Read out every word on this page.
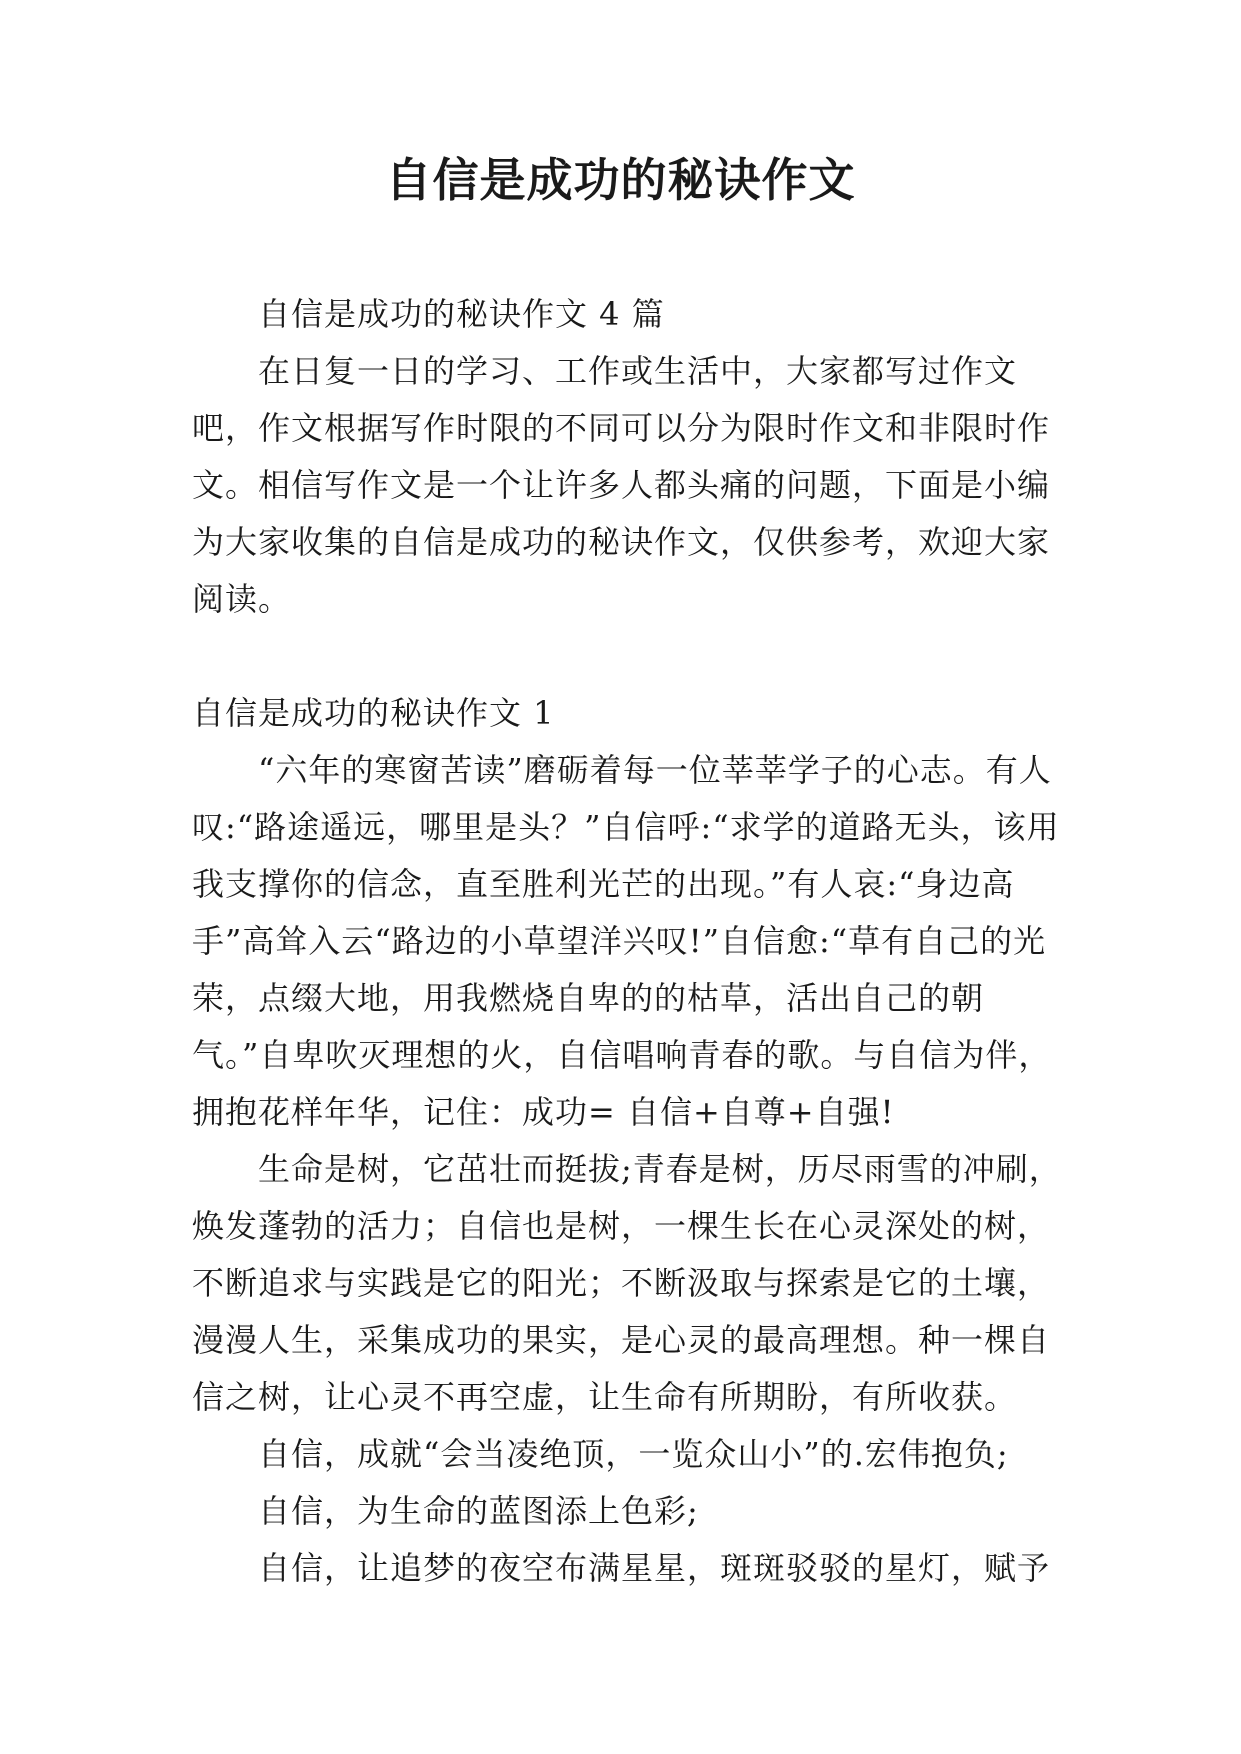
自信是成功的秘诀作文

自信是成功的秘诀作文 4 篇

在日复一日的学习、工作或生活中，大家都写过作文吧，作文根据写作时限的不同可以分为限时作文和非限时作文。相信写作文是一个让许多人都头痛的问题，下面是小编为大家收集的自信是成功的秘诀作文，仅供参考，欢迎大家阅读。

自信是成功的秘诀作文 1

“六年的寒窗苦读”磨砺着每一位莘莘学子的心志。有人叹:“路途遥远，哪里是头？”自信呼:“求学的道路无头，该用我支撑你的信念，直至胜利光芒的出现。”有人哀:“身边高手”高耸入云“路边的小草望洋兴叹!”自信愈:“草有自己的光荣，点缀大地，用我燃烧自卑的的枯草，活出自己的朝气。”自卑吹灭理想的火，自信唱响青春的歌。与自信为伴，拥抱花样年华，记住：成功= 自信+自尊+自强!

生命是树，它茁壮而挺拔;青春是树，历尽雨雪的冲刷，焕发蓬勃的活力；自信也是树，一棵生长在心灵深处的树，不断追求与实践是它的阳光；不断汲取与探索是它的土壤，漫漫人生，采集成功的果实，是心灵的最高理想。种一棵自信之树，让心灵不再空虚，让生命有所期盼，有所收获。

自信，成就“会当凌绝顶，一览众山小”的.宏伟抱负;

自信，为生命的蓝图添上色彩;

自信，让追梦的夜空布满星星，斑斑驳驳的星灯，赋予
